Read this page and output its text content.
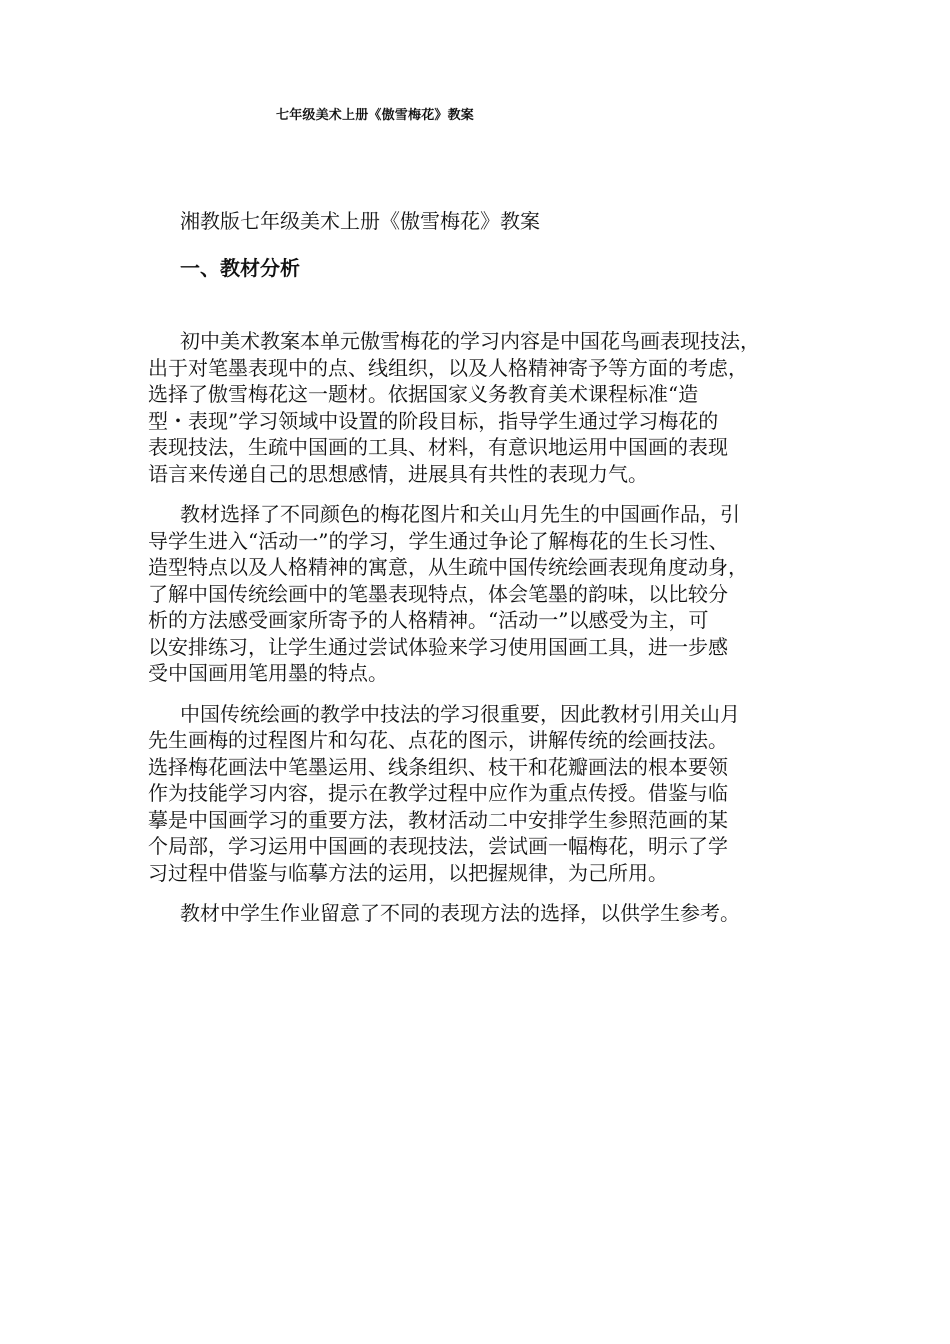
七年级美术上册《傲雪梅花》教案
湘教版七年级美术上册《傲雪梅花》教案
一、教材分析
初中美术教案本单元傲雪梅花的学习内容是中国花鸟画表现技法，
出于对笔墨表现中的点、线组织，以及人格精神寄予等方面的考虑，
选择了傲雪梅花这一题材。依据国家义务教育美术课程标准“造
型・表现”学习领域中设置的阶段目标，指导学生通过学习梅花的
表现技法，生疏中国画的工具、材料，有意识地运用中国画的表现
语言来传递自己的思想感情，进展具有共性的表现力气。
教材选择了不同颜色的梅花图片和关山月先生的中国画作品，引
导学生进入“活动一”的学习，学生通过争论了解梅花的生长习性、
造型特点以及人格精神的寓意，从生疏中国传统绘画表现角度动身，
了解中国传统绘画中的笔墨表现特点，体会笔墨的韵味，以比较分
析的方法感受画家所寄予的人格精神。“活动一”以感受为主，可
以安排练习，让学生通过尝试体验来学习使用国画工具，进一步感
受中国画用笔用墨的特点。
中国传统绘画的教学中技法的学习很重要，因此教材引用关山月
先生画梅的过程图片和勾花、点花的图示，讲解传统的绘画技法。
选择梅花画法中笔墨运用、线条组织、枝干和花瓣画法的根本要领
作为技能学习内容，提示在教学过程中应作为重点传授。借鉴与临
摹是中国画学习的重要方法，教材活动二中安排学生参照范画的某
个局部，学习运用中国画的表现技法，尝试画一幅梅花，明示了学
习过程中借鉴与临摹方法的运用，以把握规律，为己所用。
教材中学生作业留意了不同的表现方法的选择，以供学生参考。
